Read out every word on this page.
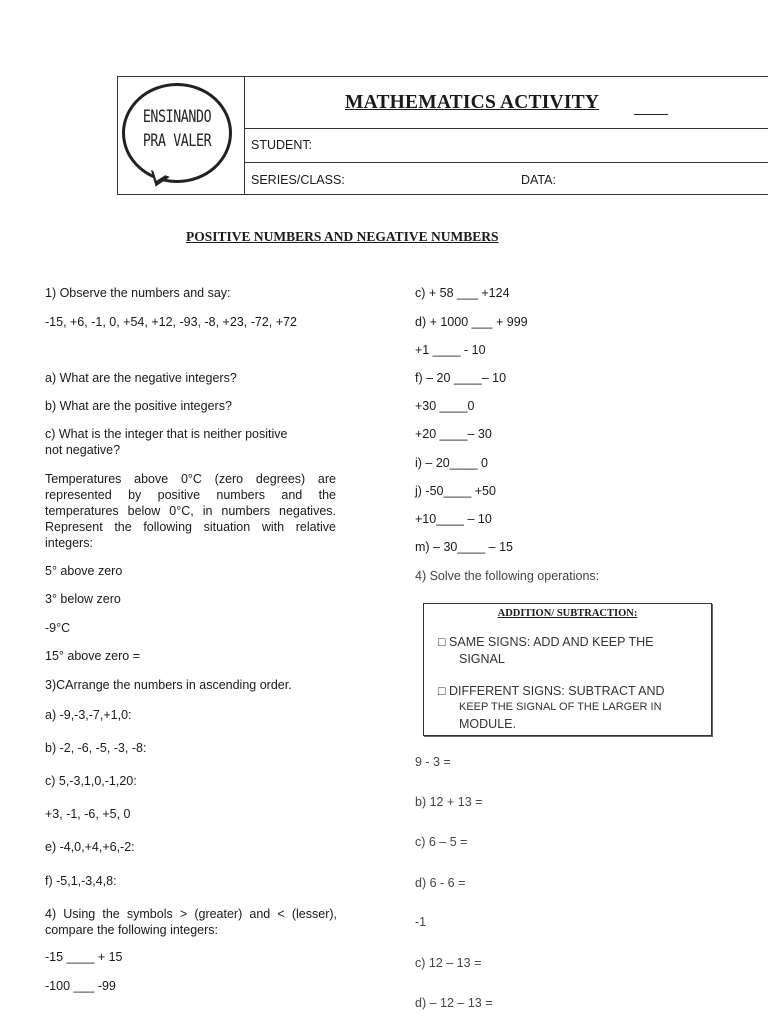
ENSINANDO
PRA VALER
MATHEMATICS ACTIVITY
STUDENT:
SERIES/CLASS:	DATA:
POSITIVE NUMBERS AND NEGATIVE NUMBERS
1) Observe the numbers and say:
-15, +6, -1, 0, +54, +12, -93, -8, +23, -72, +72
a) What are the negative integers?
b) What are the positive integers?
c) What is the integer that is neither positive
not negative?
Temperatures above 0°C (zero degrees) are represented by positive numbers and the temperatures below 0°C, in numbers negatives. Represent the following situation with relative integers:
5° above zero
3° below zero
-9°C
15° above zero =
3)CArrange the numbers in ascending order.
a) -9,-3,-7,+1,0:
b) -2, -6, -5, -3, -8:
c) 5,-3,1,0,-1,20:
+3, -1, -6, +5, 0
e) -4,0,+4,+6,-2:
f) -5,1,-3,4,8:
4) Using the symbols > (greater) and < (lesser), compare the following integers:
-15 ____ + 15
-100 ___ -99
c) + 58 ___ +124
d) + 1000 ___ + 999
+1 ____ - 10
f) – 20 ____– 10
+30 ____0
+20 ____– 30
i) – 20____ 0
j) -50____ +50
+10____ – 10
m) – 30____ – 15
4) Solve the following operations:
ADDITION/ SUBTRACTION:
□ SAME SIGNS: ADD AND KEEP THE
SIGNAL
□ DIFFERENT SIGNS: SUBTRACT AND
KEEP THE SIGNAL OF THE LARGER IN
MODULE.
9 - 3 =
b) 12 + 13 =
c) 6 – 5 =
d) 6 - 6 =
-1
c) 12 – 13 =
d) – 12 – 13 =
